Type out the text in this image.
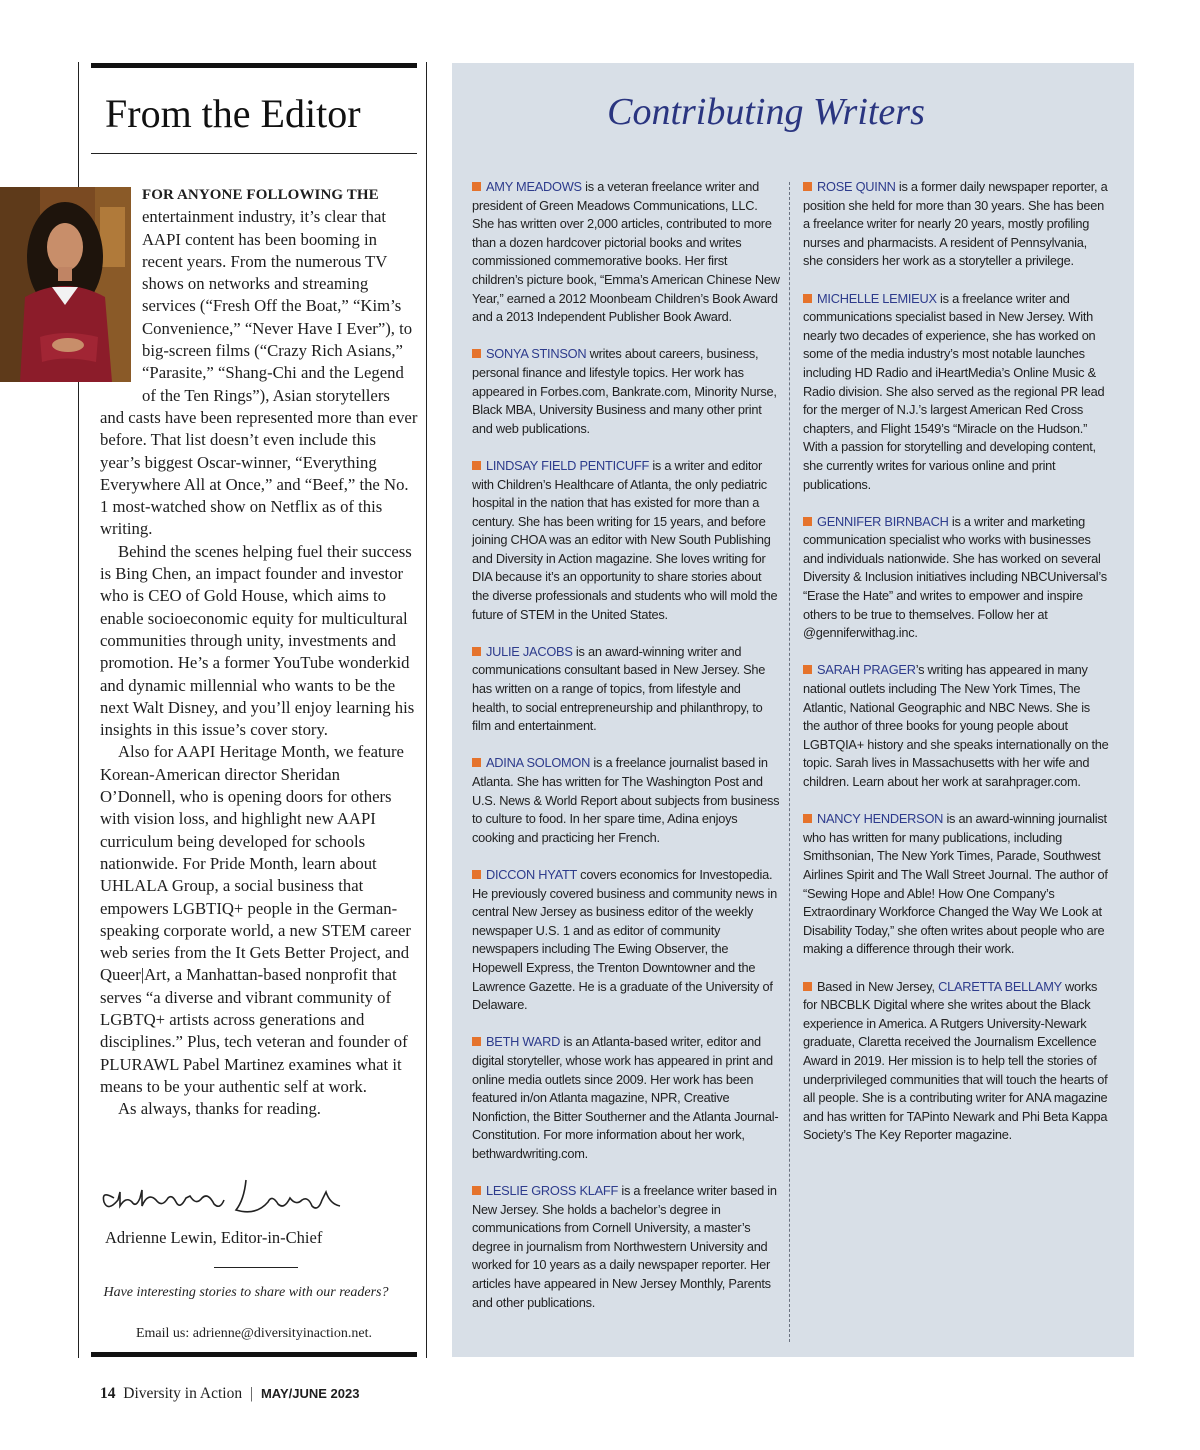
From the Editor

FOR ANYONE FOLLOWING THE entertainment industry, it’s clear that AAPI content has been booming in recent years. From the numerous TV shows on networks and streaming services (“Fresh Off the Boat,” “Kim’s Convenience,” “Never Have I Ever”), to big-screen films (“Crazy Rich Asians,” “Parasite,” “Shang-Chi and the Legend of the Ten Rings”), Asian storytellers and casts have been represented more than ever before. That list doesn’t even include this year’s biggest Oscar-winner, “Everything Everywhere All at Once,” and “Beef,” the No. 1 most-watched show on Netflix as of this writing.

Behind the scenes helping fuel their success is Bing Chen, an impact founder and investor who is CEO of Gold House, which aims to enable socioeconomic equity for multicultural communities through unity, investments and promotion. He’s a former YouTube wonderkid and dynamic millennial who wants to be the next Walt Disney, and you’ll enjoy learning his insights in this issue’s cover story.

Also for AAPI Heritage Month, we feature Korean-American director Sheridan O’Donnell, who is opening doors for others with vision loss, and highlight new AAPI curriculum being developed for schools nationwide. For Pride Month, learn about UHLALA Group, a social business that empowers LGBTIQ+ people in the German-speaking corporate world, a new STEM career web series from the It Gets Better Project, and Queer|Art, a Manhattan-based nonprofit that serves “a diverse and vibrant community of LGBTQ+ artists across generations and disciplines.” Plus, tech veteran and founder of PLURAWL Pabel Martinez examines what it means to be your authentic self at work.

As always, thanks for reading.

Adrienne Lewin, Editor-in-Chief
Have interesting stories to share with our readers?
Email us: adrienne@diversityinaction.net.
14 Diversity in Action | MAY/JUNE 2023
Contributing Writers

AMY MEADOWS is a veteran freelance writer and president of Green Meadows Communications, LLC. She has written over 2,000 articles, contributed to more than a dozen hardcover pictorial books and writes commissioned commemorative books. Her first children’s picture book, “Emma’s American Chinese New Year,” earned a 2012 Moonbeam Children’s Book Award and a 2013 Independent Publisher Book Award.

SONYA STINSON writes about careers, business, personal finance and lifestyle topics. Her work has appeared in Forbes.com, Bankrate.com, Minority Nurse, Black MBA, University Business and many other print and web publications.

LINDSAY FIELD PENTICUFF is a writer and editor with Children’s Healthcare of Atlanta, the only pediatric hospital in the nation that has existed for more than a century. She has been writing for 15 years, and before joining CHOA was an editor with New South Publishing and Diversity in Action magazine. She loves writing for DIA because it’s an opportunity to share stories about the diverse professionals and students who will mold the future of STEM in the United States.

JULIE JACOBS is an award-winning writer and communications consultant based in New Jersey. She has written on a range of topics, from lifestyle and health, to social entrepreneurship and philanthropy, to film and entertainment.

ADINA SOLOMON is a freelance journalist based in Atlanta. She has written for The Washington Post and U.S. News & World Report about subjects from business to culture to food. In her spare time, Adina enjoys cooking and practicing her French.

DICCON HYATT covers economics for Investopedia. He previously covered business and community news in central New Jersey as business editor of the weekly newspaper U.S. 1 and as editor of community newspapers including The Ewing Observer, the Hopewell Express, the Trenton Downtowner and the Lawrence Gazette. He is a graduate of the University of Delaware.

BETH WARD is an Atlanta-based writer, editor and digital storyteller, whose work has appeared in print and online media outlets since 2009. Her work has been featured in/on Atlanta magazine, NPR, Creative Nonfiction, the Bitter Southerner and the Atlanta Journal-Constitution. For more information about her work, bethwardwriting.com.

LESLIE GROSS KLAFF is a freelance writer based in New Jersey. She holds a bachelor’s degree in communications from Cornell University, a master’s degree in journalism from Northwestern University and worked for 10 years as a daily newspaper reporter. Her articles have appeared in New Jersey Monthly, Parents and other publications.

ROSE QUINN is a former daily newspaper reporter, a position she held for more than 30 years. She has been a freelance writer for nearly 20 years, mostly profiling nurses and pharmacists. A resident of Pennsylvania, she considers her work as a storyteller a privilege.

MICHELLE LEMIEUX is a freelance writer and communications specialist based in New Jersey. With nearly two decades of experience, she has worked on some of the media industry’s most notable launches including HD Radio and iHeartMedia’s Online Music & Radio division. She also served as the regional PR lead for the merger of N.J.’s largest American Red Cross chapters, and Flight 1549’s “Miracle on the Hudson.” With a passion for storytelling and developing content, she currently writes for various online and print publications.

GENNIFER BIRNBACH is a writer and marketing communication specialist who works with businesses and individuals nationwide. She has worked on several Diversity & Inclusion initiatives including NBCUniversal’s “Erase the Hate” and writes to empower and inspire others to be true to themselves. Follow her at @genniferwithag.inc.

SARAH PRAGER’s writing has appeared in many national outlets including The New York Times, The Atlantic, National Geographic and NBC News. She is the author of three books for young people about LGBTQIA+ history and she speaks internationally on the topic. Sarah lives in Massachusetts with her wife and children. Learn about her work at sarahprager.com.

NANCY HENDERSON is an award-winning journalist who has written for many publications, including Smithsonian, The New York Times, Parade, Southwest Airlines Spirit and The Wall Street Journal. The author of “Sewing Hope and Able! How One Company’s Extraordinary Workforce Changed the Way We Look at Disability Today,” she often writes about people who are making a difference through their work.

Based in New Jersey, CLARETTA BELLAMY works for NBCBLK Digital where she writes about the Black experience in America. A Rutgers University-Newark graduate, Claretta received the Journalism Excellence Award in 2019. Her mission is to help tell the stories of underprivileged communities that will touch the hearts of all people. She is a contributing writer for ANA magazine and has written for TAPinto Newark and Phi Beta Kappa Society’s The Key Reporter magazine.
